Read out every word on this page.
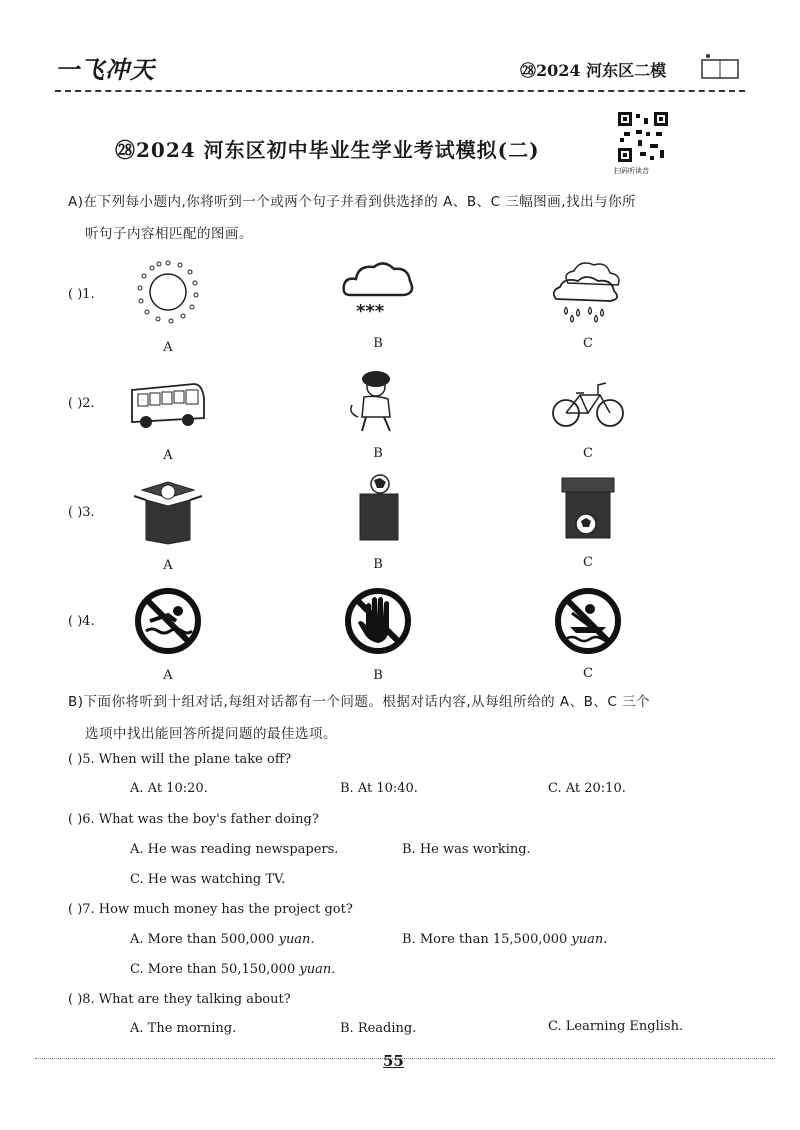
一飞冲天	㉘2024 河东区二模
㉘2024 河东区初中毕业生学业考试模拟(二)
扫码听读音
A)在下列每小题内,你将听到一个或两个句子并看到供选择的 A、B、C 三幅图画,找出与你所
听句子内容相匹配的图画。
( )1.
***
A	B	C
( )2.
A	B	C
( )3.
A	B	C
( )4.
A	B	C
B)下面你将听到十组对话,每组对话都有一个问题。根据对话内容,从每组所给的 A、B、C 三个
选项中找出能回答所提问题的最佳选项。
( )5. When will the plane take off?
A. At 10:20.	B. At 10:40.	C. At 20:10.
( )6. What was the boy's father doing?
A. He was reading newspapers.	B. He was working.
C. He was watching TV.
( )7. How much money has the project got?
A. More than 500,000 yuan.	B. More than 15,500,000 yuan.
C. More than 50,150,000 yuan.
( )8. What are they talking about?
A. The morning.	B. Reading.	C. Learning English.
55
